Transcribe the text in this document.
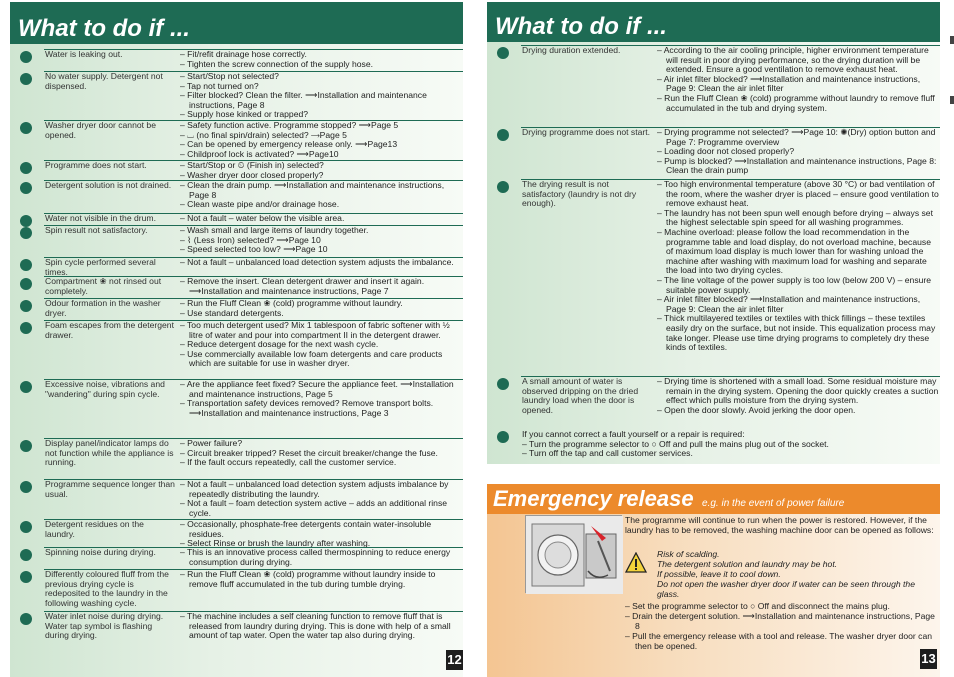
What to do if ...
Water is leaking out.	– Fit/refit drainage hose correctly.
– Tighten the screw connection of the supply hose.
No water supply. Detergent not dispensed.
– Start/Stop not selected?
– Tap not turned on?
– Filter blocked? Clean the filter. ⟶Installation and maintenance instructions, Page 8
– Supply hose kinked or trapped?
Washer dryer door cannot be opened.
– Safety function active. Programme stopped? ⟶Page 5
– ⌴ (no final spin/drain) selected? ⟶Page 5
– Can be opened by emergency release only. ⟶Page13
– Childproof lock is activated? ⟶Page10
Programme does not start.	– Start/Stop or ⏲ (Finish in) selected?
– Washer dryer door closed properly?
Detergent solution is not drained.	– Clean the drain pump. ⟶Installation and maintenance instructions, Page 8
– Clean waste pipe and/or drainage hose.
Water not visible in the drum.	– Not a fault – water below the visible area.
Spin result not satisfactory.	– Wash small and large items of laundry together.
– ⌇ (Less Iron) selected? ⟶Page 10
– Speed selected too low? ⟶Page 10
Spin cycle performed several times.
– Not a fault – unbalanced load detection system adjusts the imbalance.
Compartment ❀ not rinsed out completely.
– Remove the insert. Clean detergent drawer and insert it again. ⟶Installation and maintenance instructions, Page 7
Odour formation in the washer dryer.
– Run the Fluff Clean ❀ (cold) programme without laundry.
– Use standard detergents.
Foam escapes from the detergent drawer.
– Too much detergent used? Mix 1 tablespoon of fabric softener with ½ litre of water and pour into compartment II in the detergent drawer.
– Reduce detergent dosage for the next wash cycle.
– Use commercially available low foam detergents and care products which are suitable for use in washer dryer.
Excessive noise, vibrations and "wandering" during spin cycle.
– Are the appliance feet fixed? Secure the appliance feet. ⟶Installation and maintenance instructions, Page 5
– Transportation safety devices removed? Remove transport bolts. ⟶Installation and maintenance instructions, Page 3
Display panel/indicator lamps do not function while the appliance is running.
– Power failure?
– Circuit breaker tripped? Reset the circuit breaker/change the fuse.
– If the fault occurs repeatedly, call the customer service.
Programme sequence longer than usual.
– Not a fault – unbalanced load detection system adjusts imbalance by repeatedly distributing the laundry.
– Not a fault – foam detection system active – adds an additional rinse cycle.
Detergent residues on the laundry.
– Occasionally, phosphate-free detergents contain water-insoluble residues.
– Select Rinse or brush the laundry after washing.
Spinning noise during drying.	– This is an innovative process called thermospinning to reduce energy consumption during drying.
Differently coloured fluff from the previous drying cycle is redeposited to the laundry in the following washing cycle.
– Run the Fluff Clean ❀ (cold) programme without laundry inside to remove fluff accumulated in the tub during tumble drying.
Water inlet noise during drying. Water tap symbol is flashing during drying.
– The machine includes a self cleaning function to remove fluff that is released from laundry during drying. This is done with help of a small amount of tap water. Open the water tap also during drying.
12
What to do if ...
Drying duration extended.	– According to the air cooling principle, higher environment temperature will result in poor drying performance, so the drying duration will be extended. Ensure a good ventilation to remove exhaust heat.
– Air inlet filter blocked? ⟶Installation and maintenance instructions, Page 9: Clean the air inlet filter
– Run the Fluff Clean ❀ (cold) programme without laundry to remove fluff accumulated in the tub and drying system.
Drying programme does not start. – Drying programme not selected? ⟶Page 10: ✺(Dry) option button and Page 7: Programme overview
– Loading door not closed properly?
– Pump is blocked? ⟶Installation and maintenance instructions, Page 8: Clean the drain pump
The drying result is not satisfactory (laundry is not dry enough).
– Too high environmental temperature (above 30 °C) or bad ventilation of the room, where the washer dryer is placed – ensure good ventilation to remove exhaust heat.
– The laundry has not been spun well enough before drying – always set the highest selectable spin speed for all washing programmes.
– Machine overload: please follow the load recommendation in the programme table and load display, do not overload machine, because of maximum load display is much lower than for washing unload the machine after washing with maximum load for washing and separate the load into two drying cycles.
– The line voltage of the power supply is too low (below 200 V) – ensure suitable power supply.
– Air inlet filter blocked? ⟶Installation and maintenance instructions, Page 9: Clean the air inlet filter
– Thick multilayered textiles or textiles with thick fillings – these textiles easily dry on the surface, but not inside. This equalization process may take longer. Please use time drying programs to completely dry these kinds of textiles.
A small amount of water is observed dripping on the dried laundry load when the door is opened.
– Drying time is shortened with a small load. Some residual moisture may remain in the drying system. Opening the door quickly creates a suction effect which pulls moisture from the drying system.
– Open the door slowly. Avoid jerking the door open.
If you cannot correct a fault yourself or a repair is required:
– Turn the programme selector to ○ Off and pull the mains plug out of the socket.
– Turn off the tap and call customer services.
Emergency release e.g. in the event of power failure
The programme will continue to run when the power is restored. However, if the laundry has to be removed, the washing machine door can be opened as follows:
Risk of scalding.
The detergent solution and laundry may be hot.
If possible, leave it to cool down.
Do not open the washer dryer door if water can be seen through the glass.
– Set the programme selector to ○ Off and disconnect the mains plug.
– Drain the detergent solution. ⟶Installation and maintenance instructions, Page 8
– Pull the emergency release with a tool and release. The washer dryer door can then be opened.
13
